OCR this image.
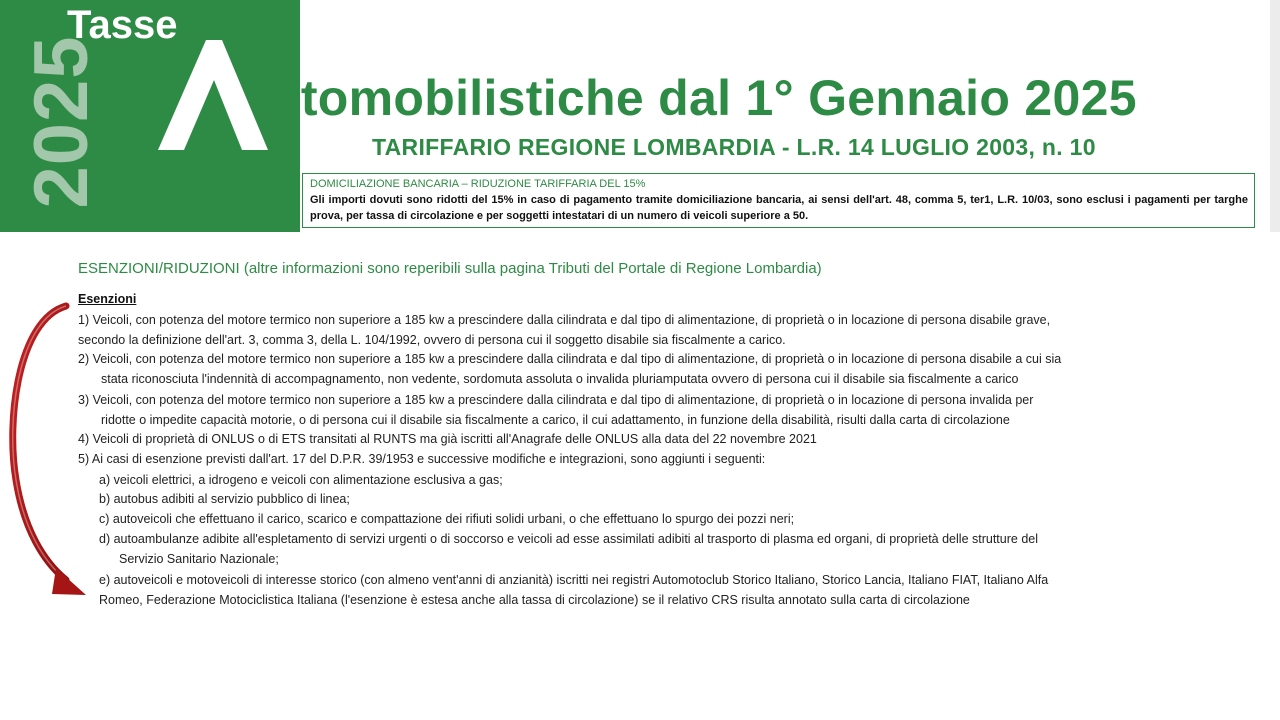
2025
Tasse
utomobilistiche dal 1° Gennaio 2025
TARIFFARIO REGIONE LOMBARDIA - L.R. 14 LUGLIO 2003, n. 10

DOMICILIAZIONE BANCARIA – RIDUZIONE TARIFFARIA DEL 15%

Gli importi dovuti sono ridotti del 15% in caso di pagamento tramite domiciliazione bancaria, ai sensi dell'art. 48, comma 5, ter1, L.R. 10/03, sono esclusi i pagamenti per targhe prova, per tassa di circolazione e per soggetti intestatari di un numero di veicoli superiore a 50.

ESENZIONI/RIDUZIONI (altre informazioni sono reperibili sulla pagina Tributi del Portale di Regione Lombardia)
Esenzioni

1) Veicoli, con potenza del motore termico non superiore a 185 kw a prescindere dalla cilindrata e dal tipo di alimentazione, di proprietà o in locazione di persona disabile grave,
secondo la definizione dell'art. 3, comma 3, della L. 104/1992, ovvero di persona cui il soggetto disabile sia fiscalmente a carico.

2) Veicoli, con potenza del motore termico non superiore a 185 kw a prescindere dalla cilindrata e dal tipo di alimentazione, di proprietà o in locazione di persona disabile a cui sia
stata riconosciuta l'indennità di accompagnamento, non vedente, sordomuta assoluta o invalida pluriamputata ovvero di persona cui il disabile sia fiscalmente a carico

3) Veicoli, con potenza del motore termico non superiore a 185 kw a prescindere dalla cilindrata e dal tipo di alimentazione, di proprietà o in locazione di persona invalida per
ridotte o impedite capacità motorie, o di persona cui il disabile sia fiscalmente a carico, il cui adattamento, in funzione della disabilità, risulti dalla carta di circolazione

4) Veicoli di proprietà di ONLUS o di ETS transitati al RUNTS ma già iscritti all'Anagrafe delle ONLUS alla data del 22 novembre 2021

5) Ai casi di esenzione previsti dall'art. 17 del D.P.R. 39/1953 e successive modifiche e integrazioni, sono aggiunti i seguenti:

a) veicoli elettrici, a idrogeno e veicoli con alimentazione esclusiva a gas;

b) autobus adibiti al servizio pubblico di linea;

c) autoveicoli che effettuano il carico, scarico e compattazione dei rifiuti solidi urbani, o che effettuano lo spurgo dei pozzi neri;

d) autoambulanze adibite all'espletamento di servizi urgenti o di soccorso e veicoli ad esse assimilati adibiti al trasporto di plasma ed organi, di proprietà delle strutture del
Servizio Sanitario Nazionale;

e) autoveicoli e motoveicoli di interesse storico (con almeno vent'anni di anzianità) iscritti nei registri Automotoclub Storico Italiano, Storico Lancia, Italiano FIAT, Italiano Alfa
Romeo, Federazione Motociclistica Italiana (l'esenzione è estesa anche alla tassa di circolazione) se il relativo CRS risulta annotato sulla carta di circolazione
